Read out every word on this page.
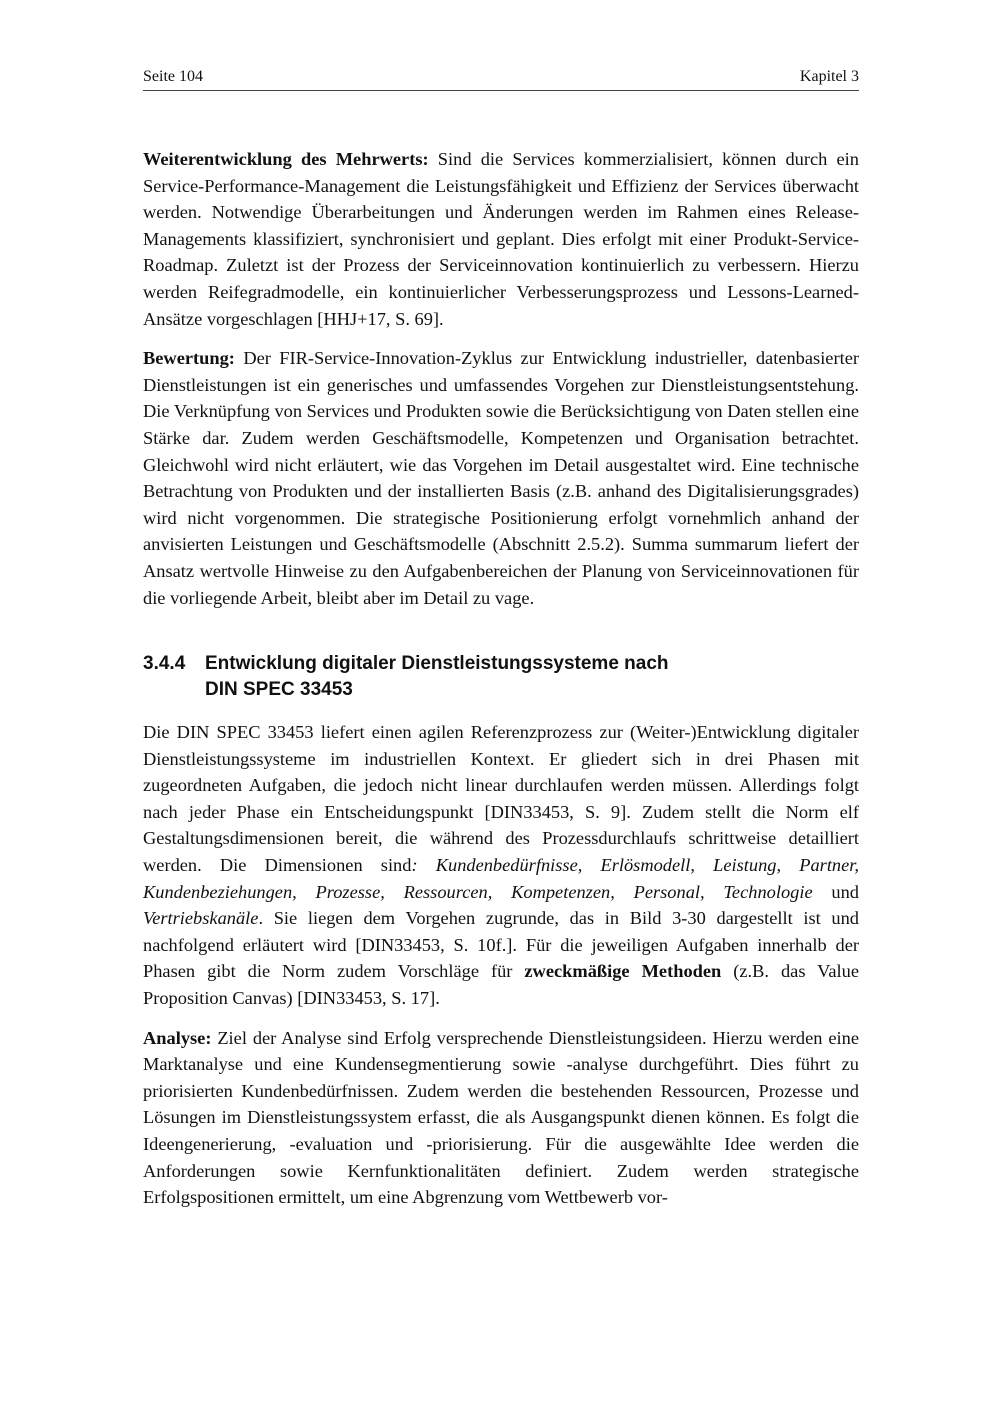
Seite 104	Kapitel 3

Weiterentwicklung des Mehrwerts: Sind die Services kommerzialisiert, können durch ein Service-Performance-Management die Leistungsfähigkeit und Effizienz der Services überwacht werden. Notwendige Überarbeitungen und Änderungen werden im Rahmen eines Release-Managements klassifiziert, synchronisiert und geplant. Dies erfolgt mit einer Produkt-Service-Roadmap. Zuletzt ist der Prozess der Serviceinnovation kontinuierlich zu verbessern. Hierzu werden Reifegradmodelle, ein kontinuierlicher Verbesserungsprozess und Lessons-Learned-Ansätze vorgeschlagen [HHJ+17, S. 69].

Bewertung: Der FIR-Service-Innovation-Zyklus zur Entwicklung industrieller, datenbasierter Dienstleistungen ist ein generisches und umfassendes Vorgehen zur Dienstleistungsentstehung. Die Verknüpfung von Services und Produkten sowie die Berücksichtigung von Daten stellen eine Stärke dar. Zudem werden Geschäftsmodelle, Kompetenzen und Organisation betrachtet. Gleichwohl wird nicht erläutert, wie das Vorgehen im Detail ausgestaltet wird. Eine technische Betrachtung von Produkten und der installierten Basis (z.B. anhand des Digitalisierungsgrades) wird nicht vorgenommen. Die strategische Positionierung erfolgt vornehmlich anhand der anvisierten Leistungen und Geschäftsmodelle (Abschnitt 2.5.2). Summa summarum liefert der Ansatz wertvolle Hinweise zu den Aufgabenbereichen der Planung von Serviceinnovationen für die vorliegende Arbeit, bleibt aber im Detail zu vage.

3.4.4	Entwicklung digitaler Dienstleistungssysteme nach
DIN SPEC 33453

Die DIN SPEC 33453 liefert einen agilen Referenzprozess zur (Weiter-)Entwicklung digitaler Dienstleistungssysteme im industriellen Kontext. Er gliedert sich in drei Phasen mit zugeordneten Aufgaben, die jedoch nicht linear durchlaufen werden müssen. Allerdings folgt nach jeder Phase ein Entscheidungspunkt [DIN33453, S. 9]. Zudem stellt die Norm elf Gestaltungsdimensionen bereit, die während des Prozessdurchlaufs schrittweise detailliert werden. Die Dimensionen sind: Kundenbedürfnisse, Erlösmodell, Leistung, Partner, Kundenbeziehungen, Prozesse, Ressourcen, Kompetenzen, Personal, Technologie und Vertriebskanäle. Sie liegen dem Vorgehen zugrunde, das in Bild 3-30 dargestellt ist und nachfolgend erläutert wird [DIN33453, S. 10f.]. Für die jeweiligen Aufgaben innerhalb der Phasen gibt die Norm zudem Vorschläge für zweckmäßige Methoden (z.B. das Value Proposition Canvas) [DIN33453, S. 17].

Analyse: Ziel der Analyse sind Erfolg versprechende Dienstleistungsideen. Hierzu werden eine Marktanalyse und eine Kundensegmentierung sowie -analyse durchgeführt. Dies führt zu priorisierten Kundenbedürfnissen. Zudem werden die bestehenden Ressourcen, Prozesse und Lösungen im Dienstleistungssystem erfasst, die als Ausgangspunkt dienen können. Es folgt die Ideengenerierung, -evaluation und -priorisierung. Für die ausgewählte Idee werden die Anforderungen sowie Kernfunktionalitäten definiert. Zudem werden strategische Erfolgspositionen ermittelt, um eine Abgrenzung vom Wettbewerb vor-
